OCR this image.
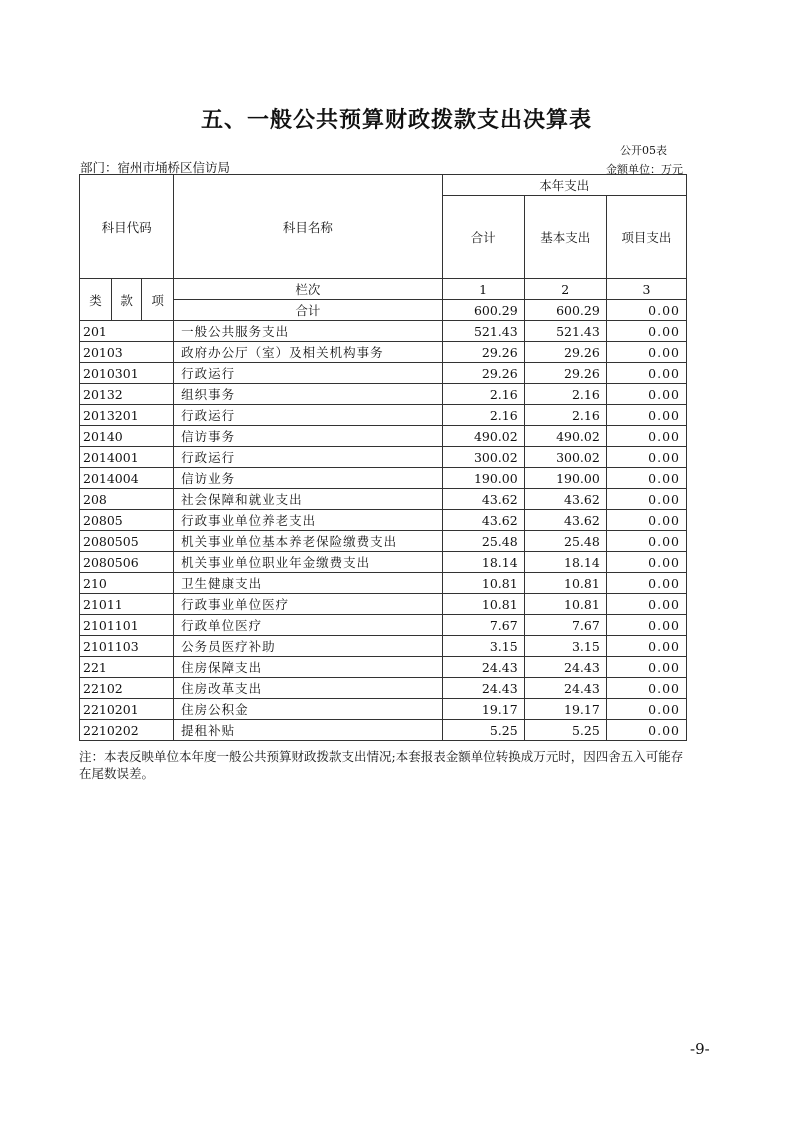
五、一般公共预算财政拨款支出决算表
公开05表
部门：宿州市埇桥区信访局	金额单位：万元
科目代码			科目名称	本年支出		
				合计	基本支出	项目支出
类	款	项	栏次	1	2	3
			合计	600.29	600.29	0.00
201			一般公共服务支出	521.43	521.43	0.00
20103			政府办公厅（室）及相关机构事务	29.26	29.26	0.00
2010301			行政运行	29.26	29.26	0.00
20132			组织事务	2.16	2.16	0.00
2013201			行政运行	2.16	2.16	0.00
20140			信访事务	490.02	490.02	0.00
2014001			行政运行	300.02	300.02	0.00
2014004			信访业务	190.00	190.00	0.00
208			社会保障和就业支出	43.62	43.62	0.00
20805			行政事业单位养老支出	43.62	43.62	0.00
2080505			机关事业单位基本养老保险缴费支出	25.48	25.48	0.00
2080506			机关事业单位职业年金缴费支出	18.14	18.14	0.00
210			卫生健康支出	10.81	10.81	0.00
21011			行政事业单位医疗	10.81	10.81	0.00
2101101			行政单位医疗	7.67	7.67	0.00
2101103			公务员医疗补助	3.15	3.15	0.00
221			住房保障支出	24.43	24.43	0.00
22102			住房改革支出	24.43	24.43	0.00
2210201			住房公积金	19.17	19.17	0.00
2210202			提租补贴	5.25	5.25	0.00
注：本表反映单位本年度一般公共预算财政拨款支出情况;本套报表金额单位转换成万元时，因四舍五入可能存在尾数误差。
-9-
